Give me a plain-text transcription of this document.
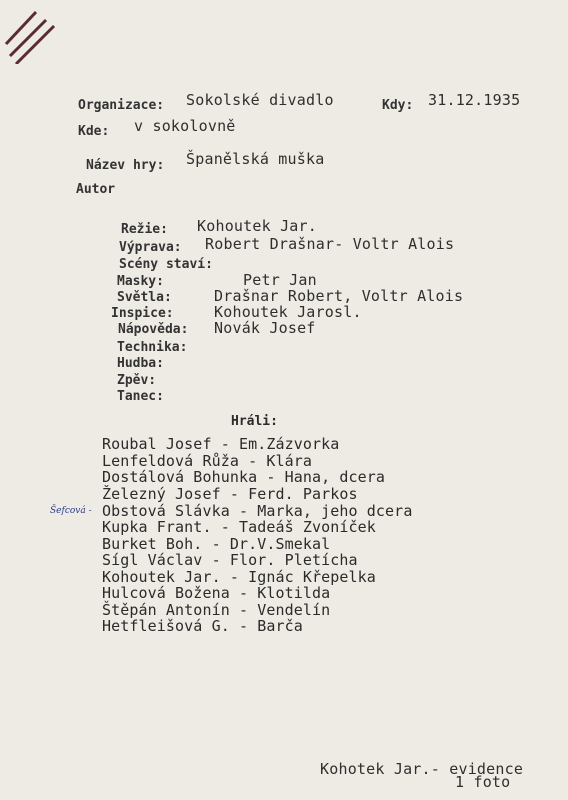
Organizace: Sokolské divadlo	Kdy: 31.12.1935
Kde: v sokolovně
Název hry: Španělská muška
Autor
Režie: Kohoutek Jar.
Výprava: Robert Drašnar- Voltr Alois
Scény staví:
Masky:	Petr Jan
Světla:	Drašnar Robert, Voltr Alois
Inspice:	Kohoutek Jarosl.
Nápověda: Novák Josef
Technika:
Hudba:
Zpěv:
Tanec:
Hráli:
Roubal Josef - Em.Zázvorka
Lenfeldová Růža - Klára
Dostálová Bohunka - Hana, dcera
Železný Josef - Ferd. Parkos
Obstová Slávka - Marka, jeho dcera
Kupka Frant. - Tadeáš Zvoníček
Burket Boh. - Dr.V.Smekal
Sígl Václav - Flor. Pletícha
Kohoutek Jar. - Ignác Křepelka
Hulcová Božena - Klotilda
Štěpán Antonín - Vendelín
Hetfleišová G. - Barča
Šefcová -
Kohotek Jar.- evidence
1 foto
